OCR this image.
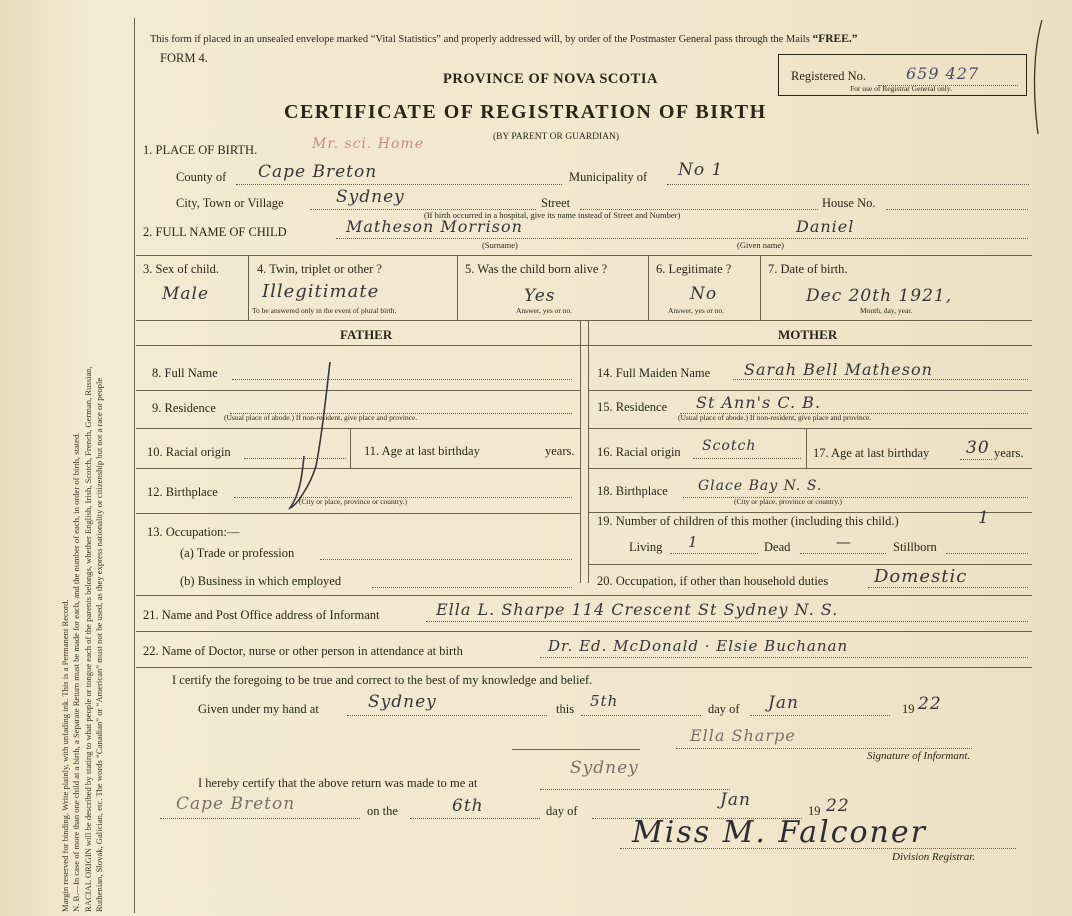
Margin reserved for binding. Write plainly, with unfading ink. This is a Permanent Record. N. B.—In case of more than one child at a birth, a Separate Return must be made for each, and the number of each, in order of birth, stated. RACIAL ORIGIN will be described by stating to what people or tongue each of the parents belongs, whether English, Irish, Scotch, French, German, Russian, Ruthenian, Slovak, Galician, etc. The words “Canadian” or “American” must not be used, as they express nationality or citizenship but not a race or people
This form if placed in an unsealed envelope marked “Vital Statistics” and properly addressed will, by order of the Postmaster General pass through the Mails “FREE.”
FORM 4.
PROVINCE OF NOVA SCOTIA
CERTIFICATE OF REGISTRATION OF BIRTH
(BY PARENT OR GUARDIAN)
Registered No.	659 427
For use of Registrar General only.
1. PLACE OF BIRTH.	Mr. sci. Home
County of Cape Breton	Municipality of No 1
City, Town or Village	Sydney	Street	House No.
(If birth occurred in a hospital, give its name instead of Street and Number)
2. FULL NAME OF CHILD	Matheson Morrison	Daniel
(Surname)	(Given name)
3. Sex of child.
Male
4. Twin, triplet or other ?
Illegitimate
To be answered only in the event of plural birth.
5. Was the child born alive ?
Yes
Answer, yes or no.
6. Legitimate ?
No
Answer, yes or no.
7. Date of birth.
Dec 20th 1921,
Month, day, year.
FATHER	MOTHER
8. Full Name
9. Residence
(Usual place of abode.) If non-resident, give place and province.
10. Racial origin	11. Age at last birthday	years.
12. Birthplace
(City or place, province or country.)
13. Occupation:—
(a) Trade or profession
(b) Business in which employed
14. Full Maiden Name Sarah Bell Matheson
15. Residence St Ann's C. B.
(Usual place of abode.) If non-resident, give place and province.
16. Racial origin Scotch	17. Age at last birthday 30 years.
18. Birthplace Glace Bay N. S.
(City or place, province or country.)
19. Number of children of this mother (including this child.)	1
Living 1	Dead	—	Stillborn
20. Occupation, if other than household duties	Domestic
21. Name and Post Office address of Informant	Ella L. Sharpe 114 Crescent St Sydney N. S.
22. Name of Doctor, nurse or other person in attendance at birth	Dr. Ed. McDonald · Elsie Buchanan
I certify the foregoing to be true and correct to the best of my knowledge and belief.
Given under my hand at	Sydney	this 5th	day of Jan	19 22
Ella Sharpe
Signature of Informant.
I hereby certify that the above return was made to me at
Sydney
Cape Breton	on the	6th	day of
Jan
19 22
Miss M. Falconer
Division Registrar.
